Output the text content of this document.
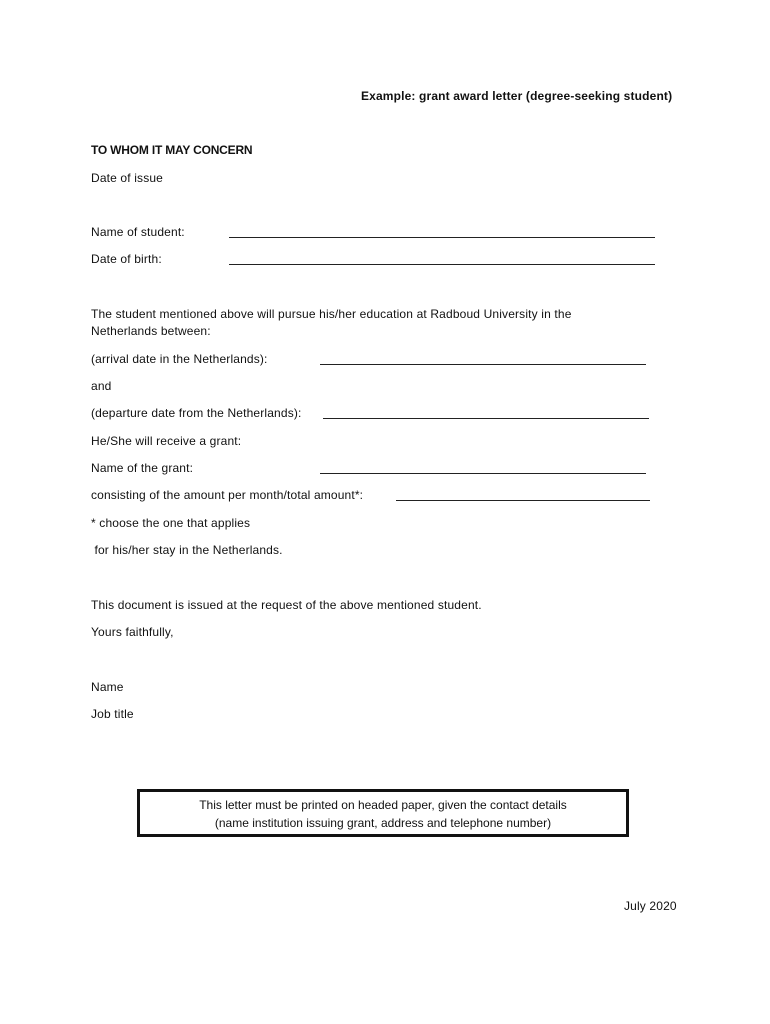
Example: grant award letter (degree-seeking student)
TO WHOM IT MAY CONCERN
Date of issue
Name of student:
Date of birth:
The student mentioned above will pursue his/her education at Radboud University in the
Netherlands between:
(arrival date in the Netherlands):
and
(departure date from the Netherlands):
He/She will receive a grant:
Name of the grant:
consisting of the amount per month/total amount*:
* choose the one that applies
for his/her stay in the Netherlands.
This document is issued at the request of the above mentioned student.
Yours faithfully,
Name
Job title
This letter must be printed on headed paper, given the contact details
(name institution issuing grant, address and telephone number)
July 2020
